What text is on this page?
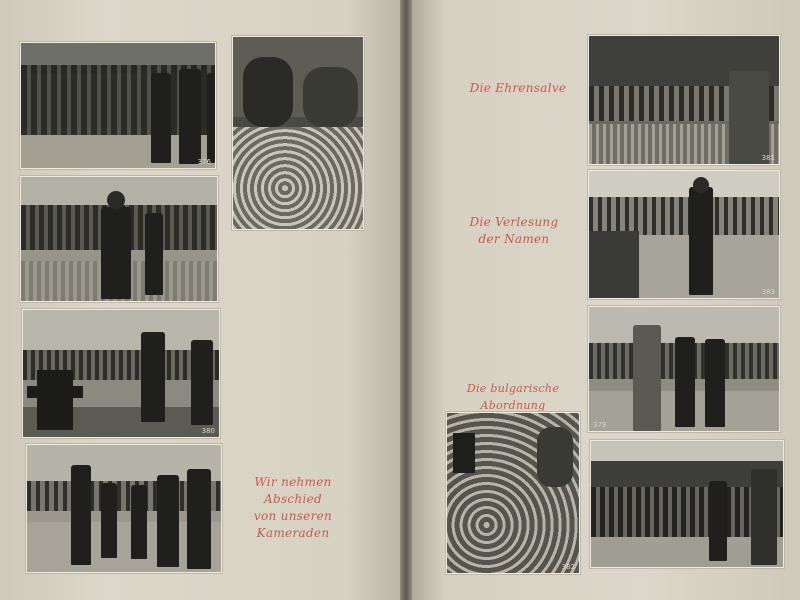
376
380
Wir nehmen Abschied
von unseren
Kameraden
Die Ehrensalve
Die Verlesung
der Namen
Die bulgarische Abordnung
381
383
379
382
